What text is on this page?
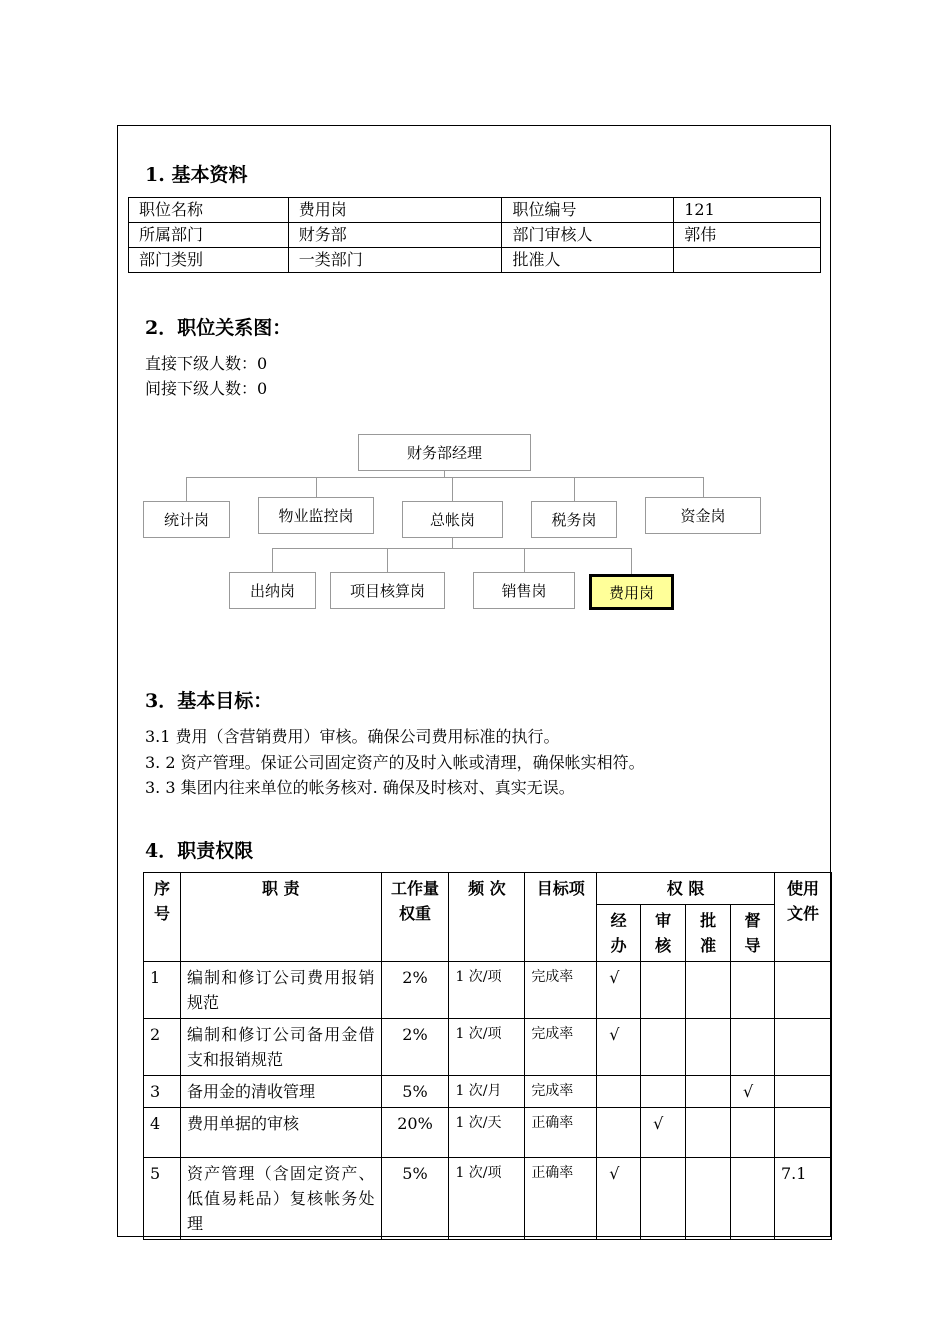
1. 基本资料
职位名称	费用岗	职位编号	121
所属部门	财务部	部门审核人	郭伟
部门类别	一类部门	批准人	
2．职位关系图：
直接下级人数：0
间接下级人数：0
财务部经理
统计岗	物业监控岗	总帐岗	税务岗	资金岗
出纳岗	项目核算岗	销售岗	费用岗
3．基本目标：
3.1 费用（含营销费用）审核。确保公司费用标准的执行。
3. 2 资产管理。保证公司固定资产的及时入帐或清理，确保帐实相符。
3. 3 集团内往来单位的帐务核对. 确保及时核对、真实无误。
4．职责权限
序号	职 责	工作量权重	频 次	目标项	权 限				使用文件
					经办	审核	批准	督导	
1	编制和修订公司费用报销规范	2%	1 次/项	完成率	√				
2	编制和修订公司备用金借支和报销规范	2%	1 次/项	完成率	√				
3	备用金的清收管理	5%	1 次/月	完成率				√	
4	费用单据的审核	20%	1 次/天	正确率		√			
5	资产管理（含固定资产、低值易耗品）复核帐务处理	5%	1 次/项	正确率	√				7.1
